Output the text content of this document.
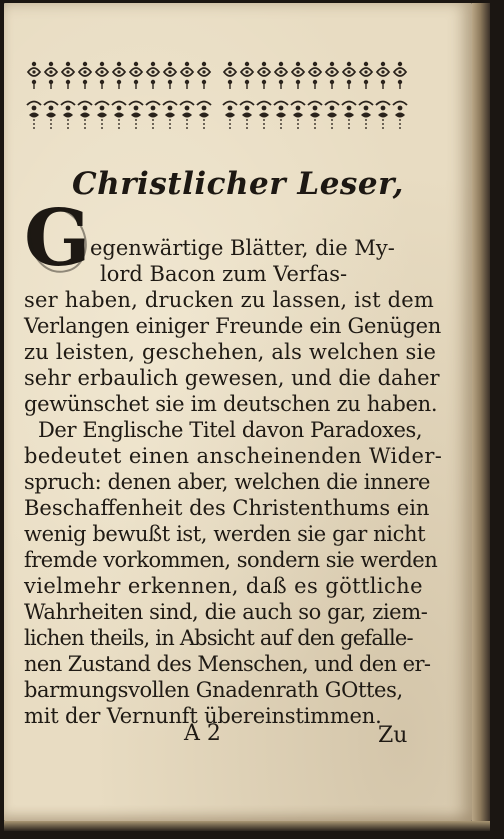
Christlicher Leser,
G egenwärtige Blätter, die My-
lord Bacon zum Verfas-
ser haben, drucken zu lassen, ist dem
Verlangen einiger Freunde ein Genügen
zu leisten, geschehen, als welchen sie
sehr erbaulich gewesen, und die daher
gewünschet sie im deutschen zu haben.
Der Englische Titel davon Paradoxes,
bedeutet einen anscheinenden Wider-
spruch: denen aber, welchen die innere
Beschaffenheit des Christenthums ein
wenig bewußt ist, werden sie gar nicht
fremde vorkommen, sondern sie werden
vielmehr erkennen, daß es göttliche
Wahrheiten sind, die auch so gar, ziem-
lichen theils, in Absicht auf den gefalle-
nen Zustand des Menschen, und den er-
barmungsvollen Gnadenrath GOttes,
mit der Vernunft übereinstimmen.
A 2	Zu
